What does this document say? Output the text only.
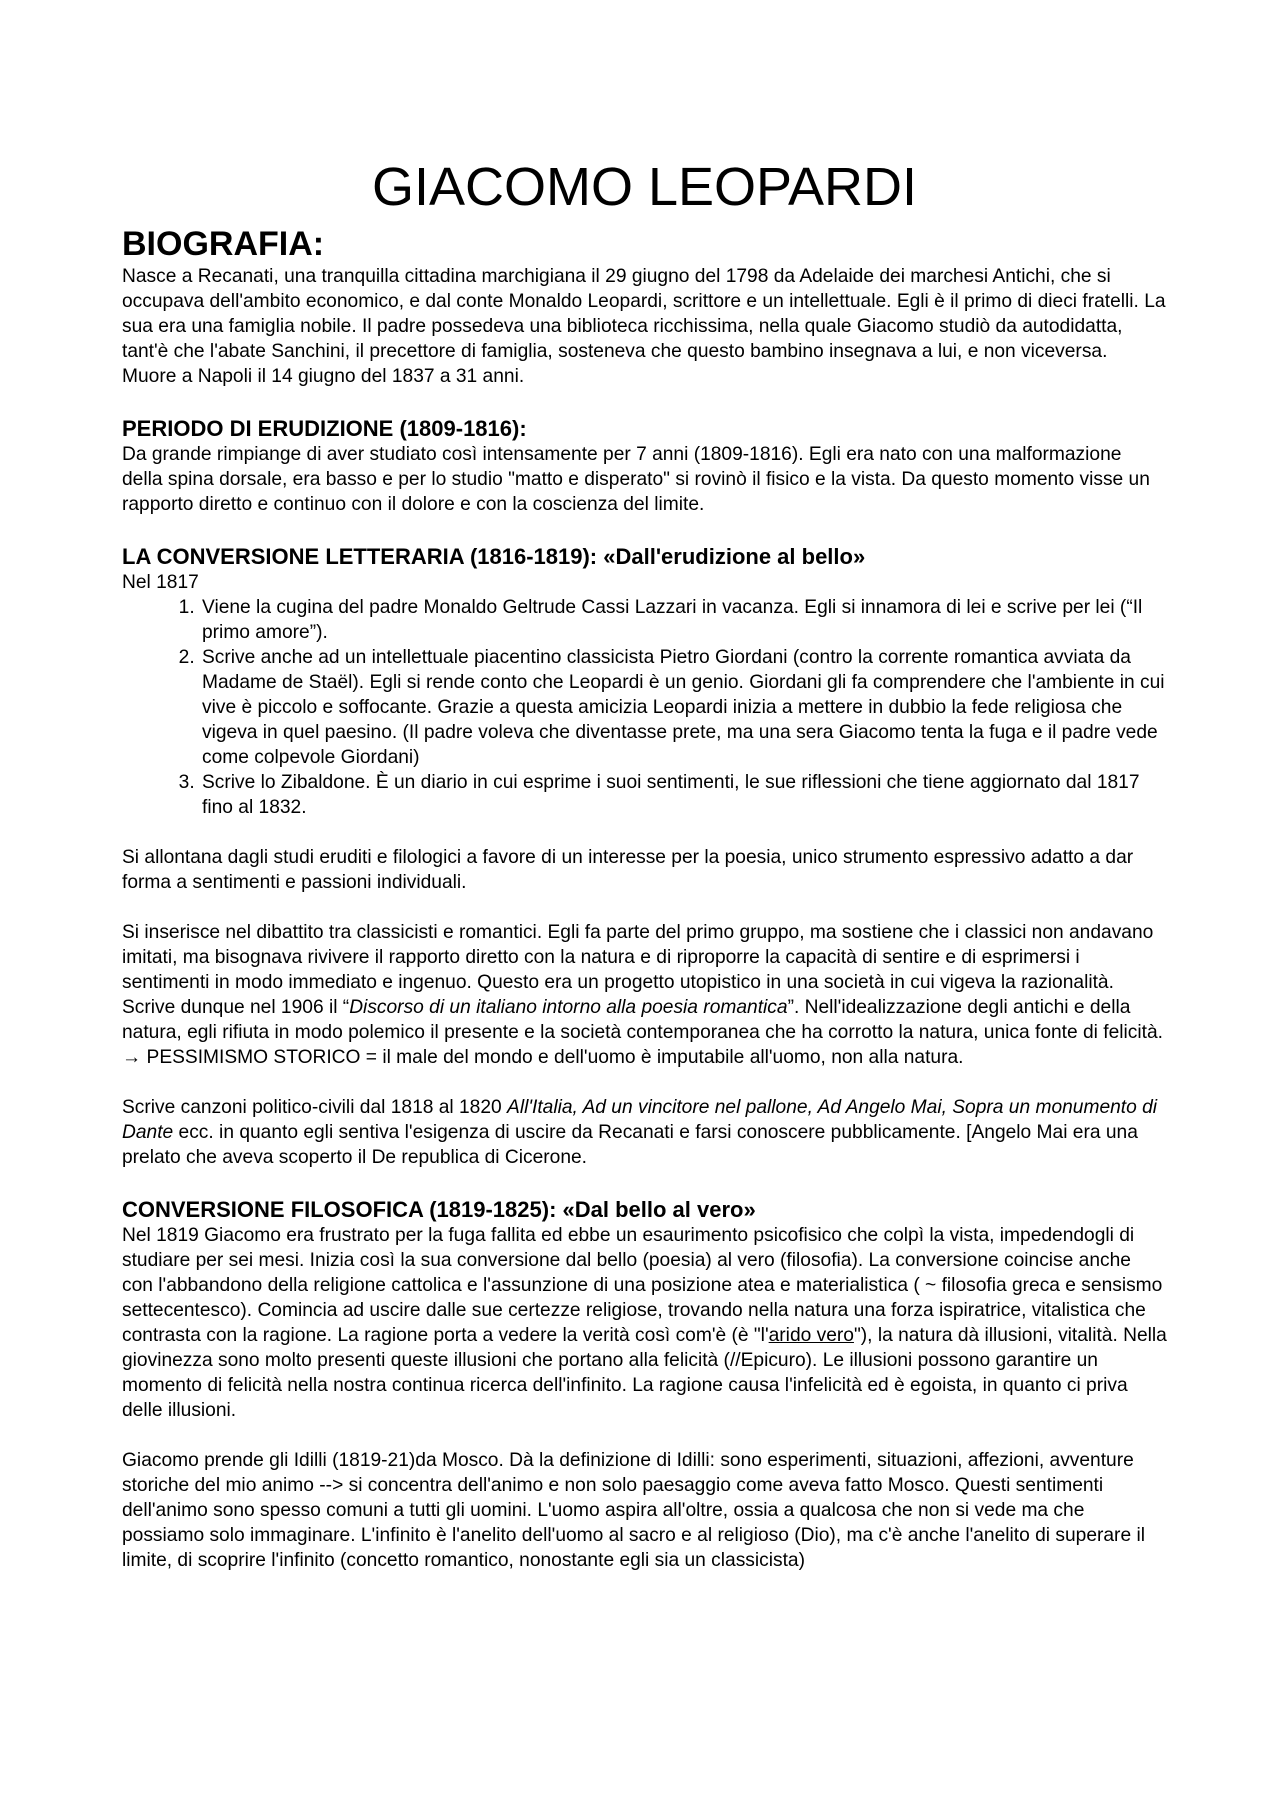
GIACOMO LEOPARDI
BIOGRAFIA:

Nasce a Recanati, una tranquilla cittadina marchigiana il 29 giugno del 1798 da Adelaide dei marchesi Antichi, che si occupava dell'ambito economico, e dal conte Monaldo Leopardi, scrittore e un intellettuale. Egli è il primo di dieci fratelli. La sua era una famiglia nobile. Il padre possedeva una biblioteca ricchissima, nella quale Giacomo studiò da autodidatta, tant'è che l'abate Sanchini, il precettore di famiglia, sosteneva che questo bambino insegnava a lui, e non viceversa.

Muore a Napoli il 14 giugno del 1837 a 31 anni.

PERIODO DI ERUDIZIONE (1809-1816):

Da grande rimpiange di aver studiato così intensamente per 7 anni (1809-1816). Egli era nato con una malformazione della spina dorsale, era basso e per lo studio "matto e disperato" si rovinò il fisico e la vista. Da questo momento visse un rapporto diretto e continuo con il dolore e con la coscienza del limite.

LA CONVERSIONE LETTERARIA (1816-1819): «Dall'erudizione al bello»

Nel 1817

1. Viene la cugina del padre Monaldo Geltrude Cassi Lazzari in vacanza. Egli si innamora di lei e scrive per lei (“Il primo amore”).
2. Scrive anche ad un intellettuale piacentino classicista Pietro Giordani (contro la corrente romantica avviata da Madame de Staël). Egli si rende conto che Leopardi è un genio. Giordani gli fa comprendere che l'ambiente in cui vive è piccolo e soffocante. Grazie a questa amicizia Leopardi inizia a mettere in dubbio la fede religiosa che vigeva in quel paesino. (Il padre voleva che diventasse prete, ma una sera Giacomo tenta la fuga e il padre vede come colpevole Giordani)
3. Scrive lo Zibaldone. È un diario in cui esprime i suoi sentimenti, le sue riflessioni che tiene aggiornato dal 1817 fino al 1832.

Si allontana dagli studi eruditi e filologici a favore di un interesse per la poesia, unico strumento espressivo adatto a dar forma a sentimenti e passioni individuali.

Si inserisce nel dibattito tra classicisti e romantici. Egli fa parte del primo gruppo, ma sostiene che i classici non andavano imitati, ma bisognava rivivere il rapporto diretto con la natura e di riproporre la capacità di sentire e di esprimersi i sentimenti in modo immediato e ingenuo. Questo era un progetto utopistico in una società in cui vigeva la razionalità. Scrive dunque nel 1906 il “Discorso di un italiano intorno alla poesia romantica”. Nell'idealizzazione degli antichi e della natura, egli rifiuta in modo polemico il presente e la società contemporanea che ha corrotto la natura, unica fonte di felicità. → PESSIMISMO STORICO = il male del mondo e dell'uomo è imputabile all'uomo, non alla natura.

Scrive canzoni politico-civili dal 1818 al 1820 All'Italia, Ad un vincitore nel pallone, Ad Angelo Mai, Sopra un monumento di Dante ecc. in quanto egli sentiva l'esigenza di uscire da Recanati e farsi conoscere pubblicamente. [Angelo Mai era una prelato che aveva scoperto il De republica di Cicerone.

CONVERSIONE FILOSOFICA (1819-1825): «Dal bello al vero»

Nel 1819 Giacomo era frustrato per la fuga fallita ed ebbe un esaurimento psicofisico che colpì la vista, impedendogli di studiare per sei mesi. Inizia così la sua conversione dal bello (poesia) al vero (filosofia). La conversione coincise anche con l'abbandono della religione cattolica e l'assunzione di una posizione atea e materialistica ( ~ filosofia greca e sensismo settecentesco). Comincia ad uscire dalle sue certezze religiose, trovando nella natura una forza ispiratrice, vitalistica che contrasta con la ragione. La ragione porta a vedere la verità così com'è (è "l'arido vero"), la natura dà illusioni, vitalità. Nella giovinezza sono molto presenti queste illusioni che portano alla felicità (//Epicuro). Le illusioni possono garantire un momento di felicità nella nostra continua ricerca dell'infinito. La ragione causa l'infelicità ed è egoista, in quanto ci priva delle illusioni.

Giacomo prende gli Idilli (1819-21)da Mosco. Dà la definizione di Idilli: sono esperimenti, situazioni, affezioni, avventure storiche del mio animo --> si concentra dell'animo e non solo paesaggio come aveva fatto Mosco. Questi sentimenti dell'animo sono spesso comuni a tutti gli uomini. L'uomo aspira all'oltre, ossia a qualcosa che non si vede ma che possiamo solo immaginare. L'infinito è l'anelito dell'uomo al sacro e al religioso (Dio), ma c'è anche l'anelito di superare il limite, di scoprire l'infinito (concetto romantico, nonostante egli sia un classicista)
